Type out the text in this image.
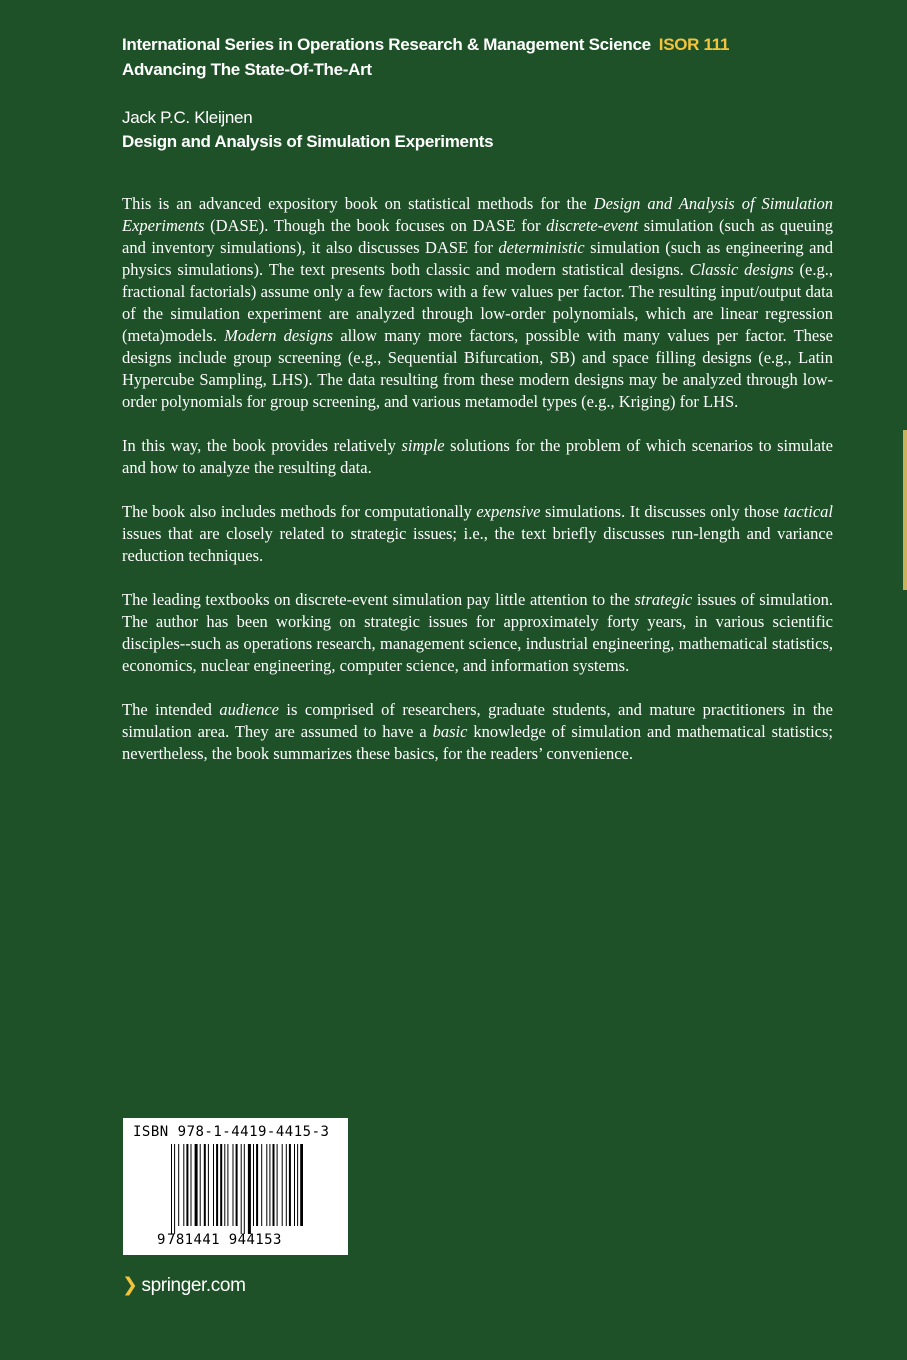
International Series in Operations Research & Management Science ISOR 111
Advancing The State-Of-The-Art
Jack P.C. Kleijnen
Design and Analysis of Simulation Experiments

This is an advanced expository book on statistical methods for the Design and Analysis of Simulation Experiments (DASE). Though the book focuses on DASE for discrete-event simulation (such as queuing and inventory simulations), it also discusses DASE for deterministic simulation (such as engineering and physics simulations). The text presents both classic and modern statistical designs. Classic designs (e.g., fractional factorials) assume only a few factors with a few values per factor. The resulting input/output data of the simulation experiment are analyzed through low-order polynomials, which are linear regression (meta)models. Modern designs allow many more factors, possible with many values per factor. These designs include group screening (e.g., Sequential Bifurcation, SB) and space filling designs (e.g., Latin Hypercube Sampling, LHS). The data resulting from these modern designs may be analyzed through low-order polynomials for group screening, and various metamodel types (e.g., Kriging) for LHS.

In this way, the book provides relatively simple solutions for the problem of which scenarios to simulate and how to analyze the resulting data.

The book also includes methods for computationally expensive simulations. It discusses only those tactical issues that are closely related to strategic issues; i.e., the text briefly discusses run-length and variance reduction techniques.

The leading textbooks on discrete-event simulation pay little attention to the strategic issues of simulation. The author has been working on strategic issues for approximately forty years, in various scientific disciples--such as operations research, management science, industrial engineering, mathematical statistics, economics, nuclear engineering, computer science, and information systems.

The intended audience is comprised of researchers, graduate students, and mature practitioners in the simulation area. They are assumed to have a basic knowledge of simulation and mathematical statistics; nevertheless, the book summarizes these basics, for the readers’ convenience.

ISBN 978-1-4419-4415-3
9 781441 944153
❯ springer.com
